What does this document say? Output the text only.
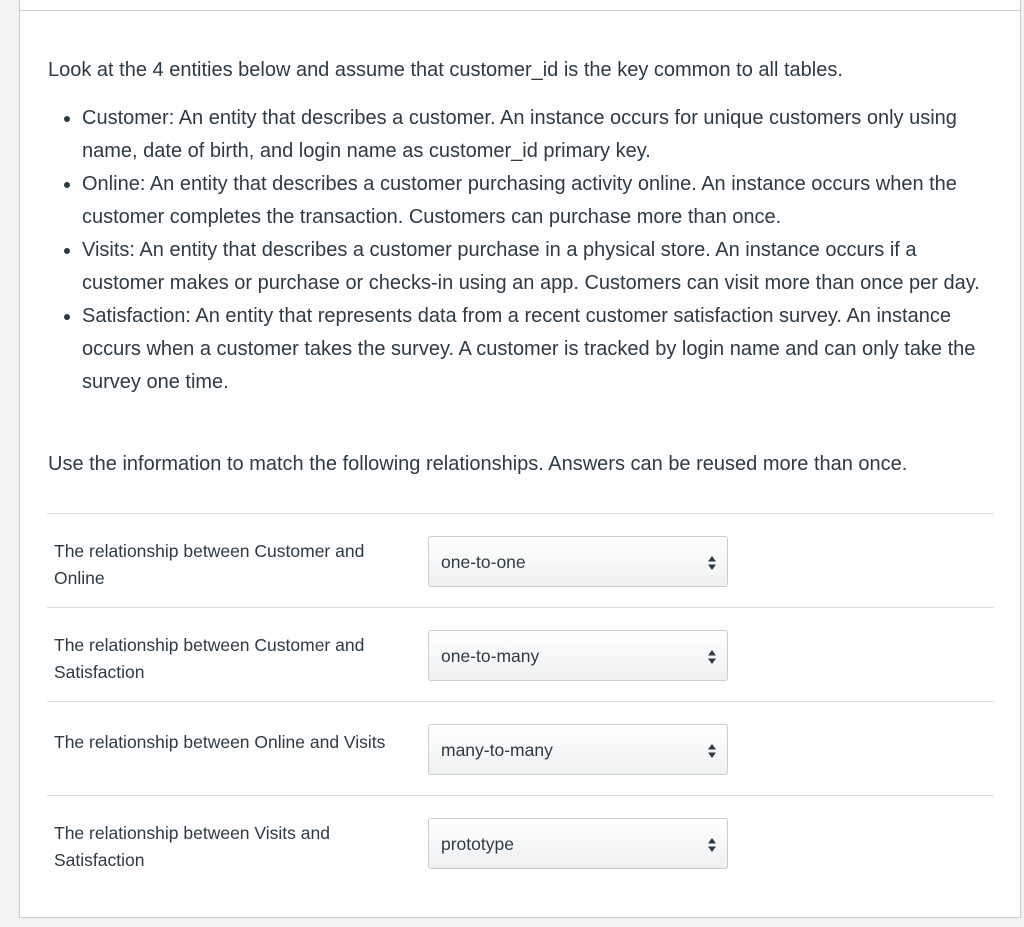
Look at the 4 entities below and assume that customer_id is the key common to all tables.

• Customer: An entity that describes a customer. An instance occurs for unique customers only using name, date of birth, and login name as customer_id primary key.
• Online: An entity that describes a customer purchasing activity online. An instance occurs when the customer completes the transaction. Customers can purchase more than once.
• Visits: An entity that describes a customer purchase in a physical store. An instance occurs if a customer makes or purchase or checks-in using an app. Customers can visit more than once per day.
• Satisfaction: An entity that represents data from a recent customer satisfaction survey. An instance occurs when a customer takes the survey. A customer is tracked by login name and can only take the survey one time.

Use the information to match the following relationships. Answers can be reused more than once.

The relationship between Customer and Online
one-to-one
The relationship between Customer and Satisfaction
one-to-many
The relationship between Online and Visits	many-to-many
The relationship between Visits and Satisfaction
prototype
